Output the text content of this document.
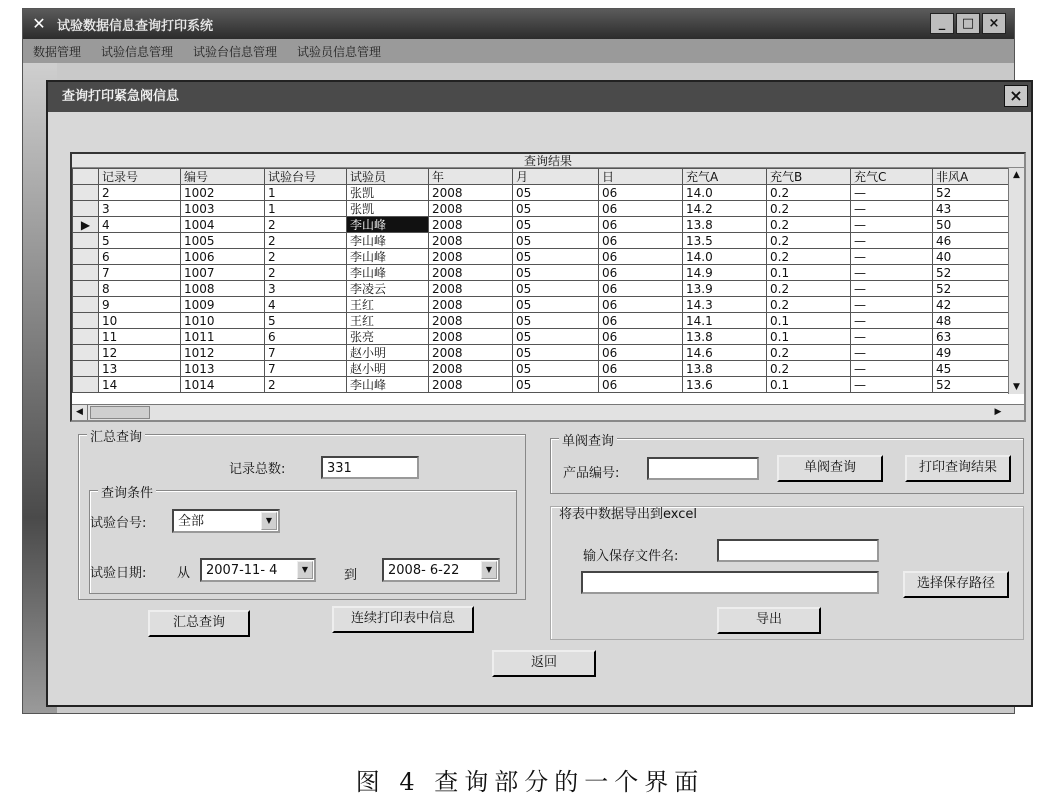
✕ 试验数据信息查询打印系统	_	□	×
数据管理	试验信息管理	试验台信息管理	试验员信息管理
查询打印紧急阀信息	×
查询结果
	记录号	编号	试验台号	试验员	年	月	日	充气A	充气B	充气C	非风A
	2	1002	1	张凯	2008	05	06	14.0	0.2	—	52
	3	1003	1	张凯	2008	05	06	14.2	0.2	—	43
▶	4	1004	2	李山峰	2008	05	06	13.8	0.2	—	50
	5	1005	2	李山峰	2008	05	06	13.5	0.2	—	46
	6	1006	2	李山峰	2008	05	06	14.0	0.2	—	40
	7	1007	2	李山峰	2008	05	06	14.9	0.1	—	52
	8	1008	3	李凌云	2008	05	06	13.9	0.2	—	52
	9	1009	4	王红	2008	05	06	14.3	0.2	—	42
	10	1010	5	王红	2008	05	06	14.1	0.1	—	48
	11	1011	6	张亮	2008	05	06	13.8	0.1	—	63
	12	1012	7	赵小明	2008	05	06	14.6	0.2	—	49
	13	1013	7	赵小明	2008	05	06	13.8	0.2	—	45
	14	1014	2	李山峰	2008	05	06	13.6	0.1	—	52
▲
▼
◀	▶
汇总查询
记录总数:	331
查询条件
试验台号:	全部	▼
试验日期: 从	2007-11- 4	▼	到	2008- 6-22	▼
汇总查询	连续打印表中信息
单阀查询
产品编号:	单阀查询	打印查询结果
将表中数据导出到excel
输入保存文件名:
选择保存路径
导出
返回
图 4 查询部分的一个界面
